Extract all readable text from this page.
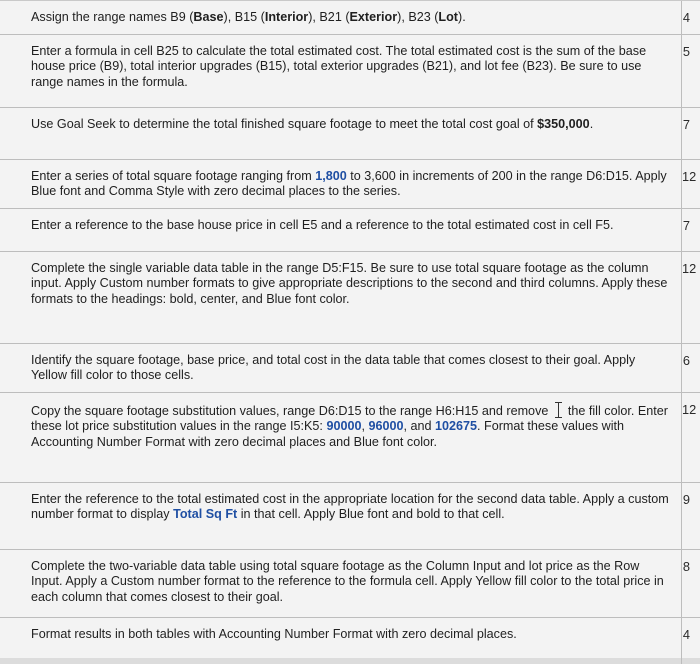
Assign the range names B9 (Base), B15 (Interior), B21 (Exterior), B23 (Lot).	4
Enter a formula in cell B25 to calculate the total estimated cost. The total estimated cost is the sum of the base house price (B9), total interior upgrades (B15), total exterior upgrades (B21), and lot fee (B23). Be sure to use range names in the formula.	5
Use Goal Seek to determine the total finished square footage to meet the total cost goal of $350,000.	7
Enter a series of total square footage ranging from 1,800 to 3,600 in increments of 200 in the range D6:D15. Apply Blue font and Comma Style with zero decimal places to the series.	12
Enter a reference to the base house price in cell E5 and a reference to the total estimated cost in cell F5.	7
Complete the single variable data table in the range D5:F15. Be sure to use total square footage as the column input. Apply Custom number formats to give appropriate descriptions to the second and third columns. Apply these formats to the headings: bold, center, and Blue font color.	12
Identify the square footage, base price, and total cost in the data table that comes closest to their goal. Apply Yellow fill color to those cells.	6
Copy the square footage substitution values, range D6:D15 to the range H6:H15 and remove the fill color. Enter these lot price substitution values in the range I5:K5: 90000, 96000, and 102675. Format these values with Accounting Number Format with zero decimal places and Blue font color.	12
Enter the reference to the total estimated cost in the appropriate location for the second data table. Apply a custom number format to display Total Sq Ft in that cell. Apply Blue font and bold to that cell.	9
Complete the two-variable data table using total square footage as the Column Input and lot price as the Row Input. Apply a Custom number format to the reference to the formula cell. Apply Yellow fill color to the total price in each column that comes closest to their goal.	8
Format results in both tables with Accounting Number Format with zero decimal places.	4
